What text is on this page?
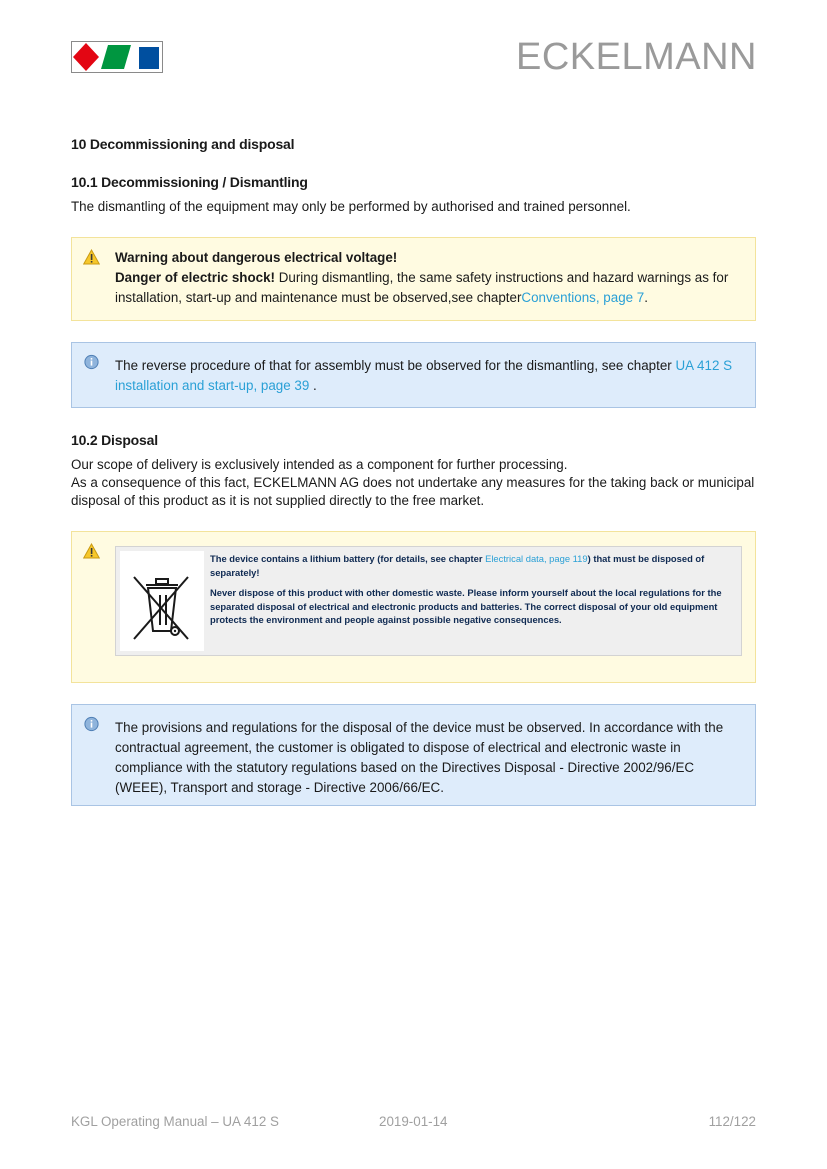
ECKELMANN
10 Decommissioning and disposal
10.1 Decommissioning / Dismantling

The dismantling of the equipment may only be performed by authorised and trained personnel.

Warning about dangerous electrical voltage!
Danger of electric shock! During dismantling, the same safety instructions and hazard warnings as for installation, start-up and maintenance must be observed,see chapterConventions, page 7.
The reverse procedure of that for assembly must be observed for the dismantling, see chapter UA 412 S installation and start-up, page 39 .
10.2 Disposal

Our scope of delivery is exclusively intended as a component for further processing.

As a consequence of this fact, ECKELMANN AG does not undertake any measures for the taking back or municipal disposal of this product as it is not supplied directly to the free market.

The device contains a lithium battery (for details, see chapter Electrical data, page 119) that must be disposed of separately!

Never dispose of this product with other domestic waste. Please inform yourself about the local regulations for the separated disposal of electrical and electronic products and batteries. The correct disposal of your old equipment protects the environment and people against possible negative consequences.

The provisions and regulations for the disposal of the device must be observed. In accordance with the contractual agreement, the customer is obligated to dispose of electrical and electronic waste in compliance with the statutory regulations based on the Directives Disposal - Directive 2002/96/EC (WEEE), Transport and storage - Directive 2006/66/EC.
KGL Operating Manual – UA 412 S	2019-01-14	112/122
